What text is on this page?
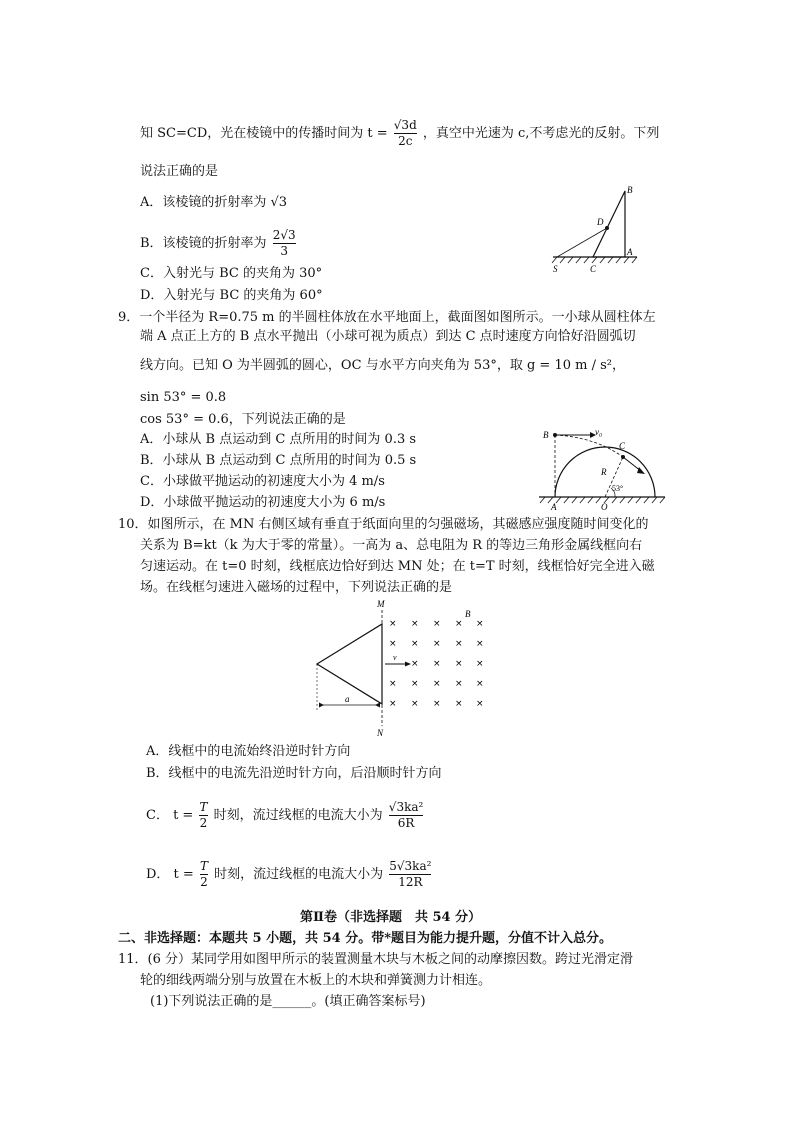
知 SC=CD，光在棱镜中的传播时间为 $t = \frac{√3d}{2c}$ ，真空中光速为 c,不考虑光的反射。下列
说法正确的是
A．该棱镜的折射率为 √3
B．该棱镜的折射率为 $\frac{2√3}{3}$
C．入射光与 BC 的夹角为 30°
D．入射光与 BC 的夹角为 60°
B
D
A
S	C
9．一个半径为 R=0.75 m 的半圆柱体放在水平地面上，截面图如图所示。一小球从圆柱体左
端 A 点正上方的 B 点水平抛出（小球可视为质点）到达 C 点时速度方向恰好沿圆弧切
线方向。已知 O 为半圆弧的圆心，OC 与水平方向夹角为 53°，取 g = 10 m / s²，
sin 53° = 0.8
cos 53° = 0.6，下列说法正确的是
A．小球从 B 点运动到 C 点所用的时间为 0.3 s
B．小球从 B 点运动到 C 点所用的时间为 0.5 s
C．小球做平抛运动的初速度大小为 4 m/s
D．小球做平抛运动的初速度大小为 6 m/s
B	v₀
C
R
53°
A	O
10．如图所示，在 MN 右侧区域有垂直于纸面向里的匀强磁场，其磁感应强度随时间变化的
关系为 B=kt（k 为大于零的常量）。一高为 a、总电阻为 R 的等边三角形金属线框向右
匀速运动。在 t=0 时刻，线框底边恰好到达 MN 处；在 t=T 时刻，线框恰好完全进入磁
场。在线框匀速进入磁场的过程中，下列说法正确的是
× × × × ×
× × × × ×
× × × ×
× × × × ×
× × × × ×
M
N
B
v
a
A．线框中的电流始终沿逆时针方向
B．线框中的电流先沿逆时针方向，后沿顺时针方向
C． $t = \frac{T}{2}$ 时刻，流过线框的电流大小为 $\frac{\text{√3ka²}}{6R}$
D． $t = \frac{T}{2}$ 时刻，流过线框的电流大小为 $\frac{\text{5√3ka²}}{12R}$
第Ⅱ卷（非选择题　共 54 分）
二、非选择题：本题共 5 小题，共 54 分。带*题目为能力提升题，分值不计入总分。
11．(6 分）某同学用如图甲所示的装置测量木块与木板之间的动摩擦因数。跨过光滑定滑
轮的细线两端分别与放置在木板上的木块和弹簧测力计相连。
(1)下列说法正确的是______。(填正确答案标号)
